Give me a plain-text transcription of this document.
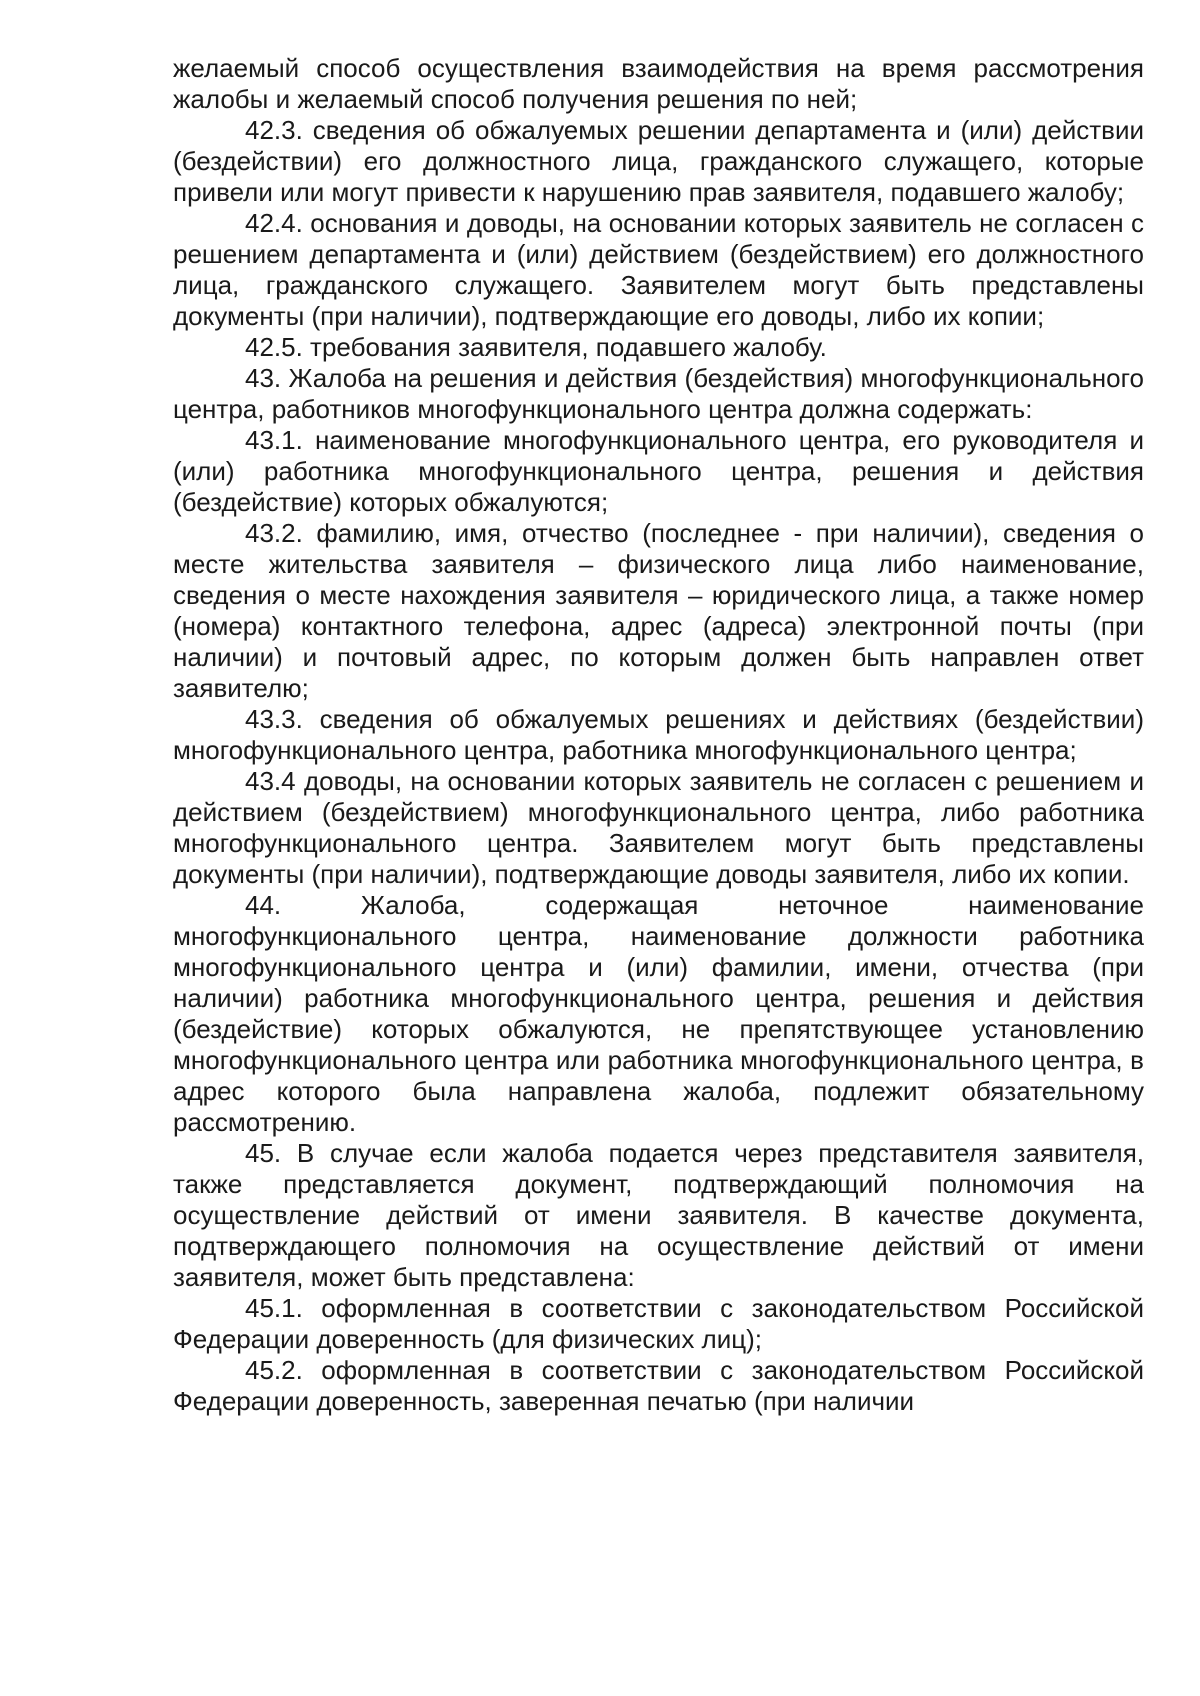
желаемый способ осуществления взаимодействия на время рассмотрения жалобы и желаемый способ получения решения по ней;

42.3. сведения об обжалуемых решении департамента и (или) действии (бездействии) его должностного лица, гражданского служащего, которые привели или могут привести к нарушению прав заявителя, подавшего жалобу;

42.4. основания и доводы, на основании которых заявитель не согласен с решением департамента и (или) действием (бездействием) его должностного лица, гражданского служащего. Заявителем могут быть представлены документы (при наличии), подтверждающие его доводы, либо их копии;

42.5. требования заявителя, подавшего жалобу.

43. Жалоба на решения и действия (бездействия) многофункционального центра, работников многофункционального центра должна содержать:

43.1. наименование многофункционального центра, его руководителя и (или) работника многофункционального центра, решения и действия (бездействие) которых обжалуются;

43.2. фамилию, имя, отчество (последнее - при наличии), сведения о месте жительства заявителя – физического лица либо наименование, сведения о месте нахождения заявителя – юридического лица, а также номер (номера) контактного телефона, адрес (адреса) электронной почты (при наличии) и почтовый адрес, по которым должен быть направлен ответ заявителю;

43.3. сведения об обжалуемых решениях и действиях (бездействии) многофункционального центра, работника многофункционального центра;

43.4 доводы, на основании которых заявитель не согласен с решением и действием (бездействием) многофункционального центра, либо работника многофункционального центра. Заявителем могут быть представлены документы (при наличии), подтверждающие доводы заявителя, либо их копии.

44. Жалоба, содержащая неточное наименование многофункционального центра, наименование должности работника многофункционального центра и (или) фамилии, имени, отчества (при наличии) работника многофункционального центра, решения и действия (бездействие) которых обжалуются, не препятствующее установлению многофункционального центра или работника многофункционального центра, в адрес которого была направлена жалоба, подлежит обязательному рассмотрению.

45. В случае если жалоба подается через представителя заявителя, также представляется документ, подтверждающий полномочия на осуществление действий от имени заявителя. В качестве документа, подтверждающего полномочия на осуществление действий от имени заявителя, может быть представлена:

45.1. оформленная в соответствии с законодательством Российской Федерации доверенность (для физических лиц);

45.2. оформленная в соответствии с законодательством Российской Федерации доверенность, заверенная печатью (при наличии
